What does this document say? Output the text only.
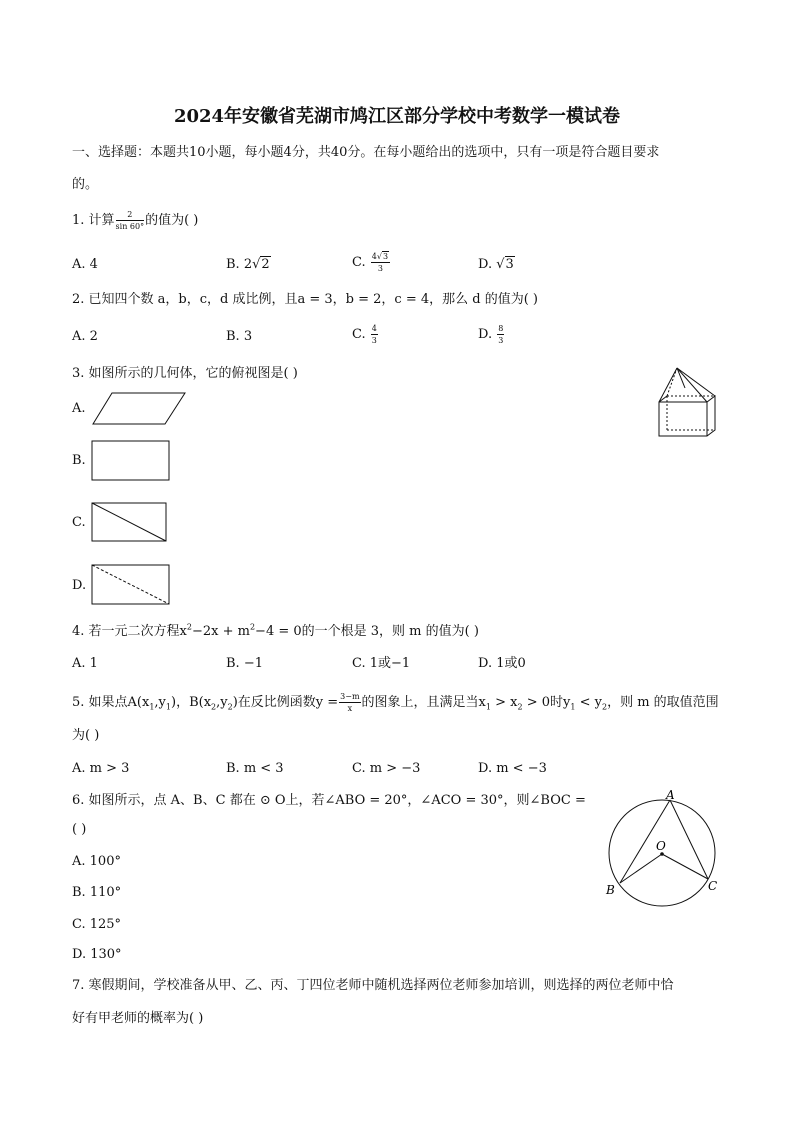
2024年安徽省芜湖市鸠江区部分学校中考数学一模试卷
一、选择题：本题共10小题，每小题4分，共40分。在每小题给出的选项中，只有一项是符合题目要求
的。
1. 计算 $\frac{2}{\sin 60^\circ}$ 的值为( )
A. 4	B. 2√2	C. $\frac{4√3}{3}$	D. √3
2. 已知四个数 a，b，c，d 成比例，且a = 3，b = 2，c = 4，那么 d 的值为( )
A. 2	B. 3	C. $\frac{4}{3}$	D. $\frac{8}{3}$
3. 如图所示的几何体，它的俯视图是( )
A.
B.
C.
D.
4. 若一元二次方程$x^2-2x + m^2-4 = 0$的一个根是 3，则 m 的值为( )
A. 1	B. −1	C. 1或−1	D. 1或0
5. 如果点$A(x_1,y_1)$，$B(x_2,y_2)$在反比例函数$y = \frac{3-m}{x}$ 的图象上，且满足当$x_1 > x_2 > 0$时$y_1 < y_2$，则 m 的取值范围
为( )
A. m > 3	B. m < 3	C. m > −3	D. m < −3
6. 如图所示，点 A、B、C 都在 ⊙ O上，若∠ABO = 20°，∠ACO = 30°，则∠BOC =
( )
A. 100°
B. 110°
C. 125°
D. 130°
A
O
B	C
7. 寒假期间，学校准备从甲、乙、丙、丁四位老师中随机选择两位老师参加培训，则选择的两位老师中恰
好有甲老师的概率为( )
